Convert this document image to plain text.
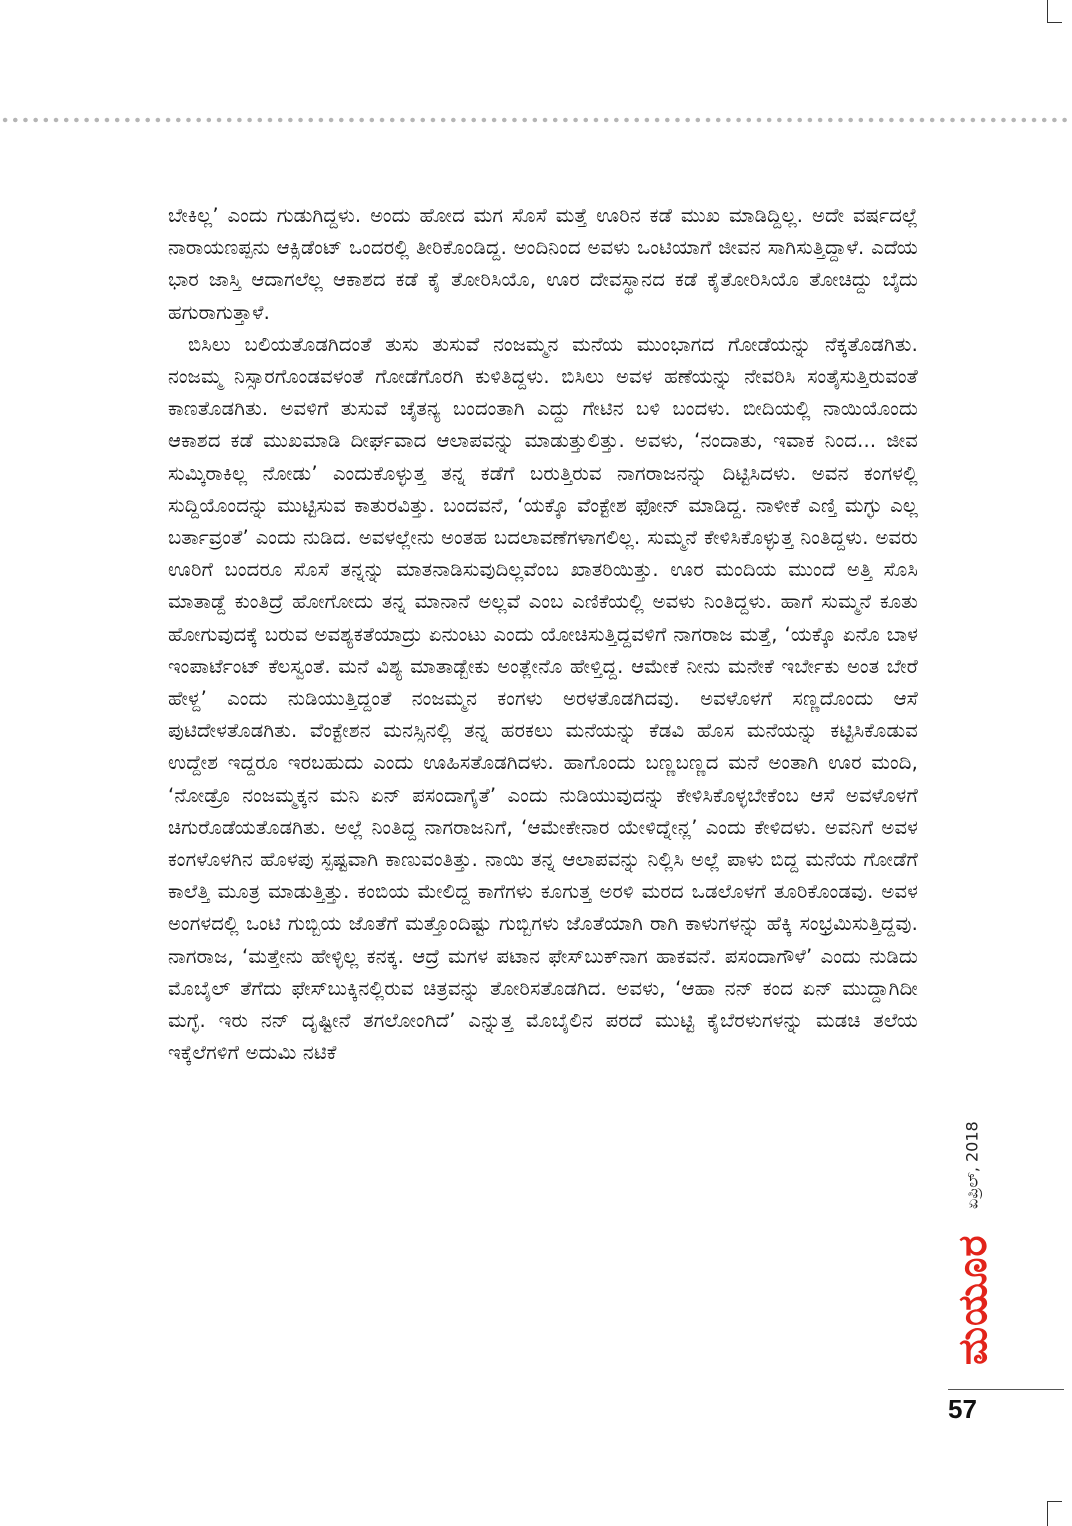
ಬೇಕಿಲ್ಲ’ ಎಂದು ಗುಡುಗಿದ್ದಳು. ಅಂದು ಹೋದ ಮಗ ಸೊಸೆ ಮತ್ತೆ ಊರಿನ ಕಡೆ ಮುಖ ಮಾಡಿದ್ದಿಲ್ಲ. ಅದೇ ವರ್ಷದಲ್ಲೆ ನಾರಾಯಣಪ್ಪನು ಆಕ್ಸಿಡೆಂಟ್ ಒಂದರಲ್ಲಿ ತೀರಿಕೊಂಡಿದ್ದ. ಅಂದಿನಿಂದ ಅವಳು ಒಂಟಿಯಾಗೆ ಜೀವನ ಸಾಗಿಸುತ್ತಿದ್ದಾಳೆ. ಎದೆಯ ಭಾರ ಜಾಸ್ತಿ ಆದಾಗಲೆಲ್ಲ ಆಕಾಶದ ಕಡೆ ಕೈ ತೋರಿಸಿಯೊ, ಊರ ದೇವಸ್ಥಾನದ ಕಡೆ ಕೈತೋರಿಸಿಯೊ ತೋಚಿದ್ದು ಬೈದು ಹಗುರಾಗುತ್ತಾಳೆ.

ಬಿಸಿಲು ಬಲಿಯತೊಡಗಿದಂತೆ ತುಸು ತುಸುವೆ ನಂಜಮ್ಮನ ಮನೆಯ ಮುಂಭಾಗದ ಗೋಡೆಯನ್ನು ನೆಕ್ಕತೊಡಗಿತು. ನಂಜಮ್ಮ ನಿಸ್ಸಾರಗೊಂಡವಳಂತೆ ಗೋಡೆಗೊರಗಿ ಕುಳಿತಿದ್ದಳು. ಬಿಸಿಲು ಅವಳ ಹಣೆಯನ್ನು ನೇವರಿಸಿ ಸಂತೈಸುತ್ತಿರುವಂತೆ ಕಾಣತೊಡಗಿತು. ಅವಳಿಗೆ ತುಸುವೆ ಚೈತನ್ಯ ಬಂದಂತಾಗಿ ಎದ್ದು ಗೇಟಿನ ಬಳಿ ಬಂದಳು. ಬೀದಿಯಲ್ಲಿ ನಾಯಿಯೊಂದು ಆಕಾಶದ ಕಡೆ ಮುಖಮಾಡಿ ದೀರ್ಘವಾದ ಆಲಾಪವನ್ನು ಮಾಡುತ್ತುಲಿತ್ತು. ಅವಳು, ‘ನಂದಾತು, ಇವಾಕ ನಿಂದ... ಜೀವ ಸುಮ್ಕಿರಾಕಿಲ್ಲ ನೋಡು’ ಎಂದುಕೊಳ್ಳುತ್ತ ತನ್ನ ಕಡೆಗೆ ಬರುತ್ತಿರುವ ನಾಗರಾಜನನ್ನು ದಿಟ್ಟಿಸಿದಳು. ಅವನ ಕಂಗಳಲ್ಲಿ ಸುದ್ದಿಯೊಂದನ್ನು ಮುಟ್ಟಿಸುವ ಕಾತುರವಿತ್ತು. ಬಂದವನೆ, ‘ಯಕ್ಕೊ ವೆಂಕ್ಟೇಶ ಫೋನ್ ಮಾಡಿದ್ದ. ನಾಳೀಕೆ ಎಣ್ತಿ ಮಗ್ಳು ಎಲ್ಲ ಬರ್ತಾವ್ರಂತೆ’ ಎಂದು ನುಡಿದ. ಅವಳಲ್ಲೇನು ಅಂತಹ ಬದಲಾವಣೆಗಳಾಗಲಿಲ್ಲ. ಸುಮ್ಮನೆ ಕೇಳಿಸಿಕೊಳ್ಳುತ್ತ ನಿಂತಿದ್ದಳು. ಅವರು ಊರಿಗೆ ಬಂದರೂ ಸೊಸೆ ತನ್ನನ್ನು ಮಾತನಾಡಿಸುವುದಿಲ್ಲವೆಂಬ ಖಾತರಿಯಿತ್ತು. ಊರ ಮಂದಿಯ ಮುಂದೆ ಅತ್ತಿ ಸೊಸಿ ಮಾತಾಡ್ದೆ ಕುಂತಿದ್ರೆ ಹೋಗೋದು ತನ್ನ ಮಾನಾನೆ ಅಲ್ಲವೆ ಎಂಬ ಎಣಿಕೆಯಲ್ಲಿ ಅವಳು ನಿಂತಿದ್ದಳು. ಹಾಗೆ ಸುಮ್ಮನೆ ಕೂತು ಹೋಗುವುದಕ್ಕೆ ಬರುವ ಅವಶ್ಯಕತೆಯಾದ್ರು ಏನುಂಟು ಎಂದು ಯೋಚಿಸುತ್ತಿದ್ದವಳಿಗೆ ನಾಗರಾಜ ಮತ್ತೆ, ‘ಯಕ್ಕೊ ಏನೊ ಬಾಳ ಇಂಪಾರ್ಟೆಂಟ್ ಕೆಲಸ್ವಂತೆ. ಮನೆ ವಿಶ್ಯ ಮಾತಾಡ್ಬೇಕು ಅಂತ್ಲೇನೊ ಹೇಳ್ತಿದ್ದ. ಆಮೇಕೆ ನೀನು ಮನೇಕೆ ಇರ್ಬೇಕು ಅಂತ ಬೇರೆ ಹೇಳ್ದ’ ಎಂದು ನುಡಿಯುತ್ತಿದ್ದಂತೆ ನಂಜಮ್ಮನ ಕಂಗಳು ಅರಳತೊಡಗಿದವು. ಅವಳೊಳಗೆ ಸಣ್ಣದೊಂದು ಆಸೆ ಪುಟಿದೇಳತೊಡಗಿತು. ವೆಂಕ್ಟೇಶನ ಮನಸ್ಸಿನಲ್ಲಿ ತನ್ನ ಹರಕಲು ಮನೆಯನ್ನು ಕೆಡವಿ ಹೊಸ ಮನೆಯನ್ನು ಕಟ್ಟಿಸಿಕೊಡುವ ಉದ್ದೇಶ ಇದ್ದರೂ ಇರಬಹುದು ಎಂದು ಊಹಿಸತೊಡಗಿದಳು. ಹಾಗೊಂದು ಬಣ್ಣಬಣ್ಣದ ಮನೆ ಅಂತಾಗಿ ಊರ ಮಂದಿ, ‘ನೋಡ್ರೊ ನಂಜಮ್ಮಕ್ಕನ ಮನಿ ಏನ್ ಪಸಂದಾಗೈತೆ’ ಎಂದು ನುಡಿಯುವುದನ್ನು ಕೇಳಿಸಿಕೊಳ್ಳಬೇಕೆಂಬ ಆಸೆ ಅವಳೊಳಗೆ ಚಿಗುರೊಡೆಯತೊಡಗಿತು. ಅಲ್ಲೆ ನಿಂತಿದ್ದ ನಾಗರಾಜನಿಗೆ, ‘ಆಮೇಕೇನಾರ ಯೇಳಿದ್ನೇನ್ಲ’ ಎಂದು ಕೇಳಿದಳು. ಅವನಿಗೆ ಅವಳ ಕಂಗಳೊಳಗಿನ ಹೊಳಪು ಸ್ಪಷ್ಟವಾಗಿ ಕಾಣುವಂತಿತ್ತು. ನಾಯಿ ತನ್ನ ಆಲಾಪವನ್ನು ನಿಲ್ಲಿಸಿ ಅಲ್ಲೆ ಪಾಳು ಬಿದ್ದ ಮನೆಯ ಗೋಡೆಗೆ ಕಾಲೆತ್ತಿ ಮೂತ್ರ ಮಾಡುತ್ತಿತ್ತು. ಕಂಬಿಯ ಮೇಲಿದ್ದ ಕಾಗೆಗಳು ಕೂಗುತ್ತ ಅರಳಿ ಮರದ ಒಡಲೊಳಗೆ ತೂರಿಕೊಂಡವು. ಅವಳ ಅಂಗಳದಲ್ಲಿ ಒಂಟಿ ಗುಬ್ಬಿಯ ಜೊತೆಗೆ ಮತ್ತೊಂದಿಷ್ಟು ಗುಬ್ಬಿಗಳು ಜೊತೆಯಾಗಿ ರಾಗಿ ಕಾಳುಗಳನ್ನು ಹೆಕ್ಕಿ ಸಂಭ್ರಮಿಸುತ್ತಿದ್ದವು. ನಾಗರಾಜ, ‘ಮತ್ತೇನು ಹೇಳ್ಳಿಲ್ಲ ಕನಕ್ಕ. ಆದ್ರೆ ಮಗಳ ಪಟಾನ ಫೇಸ್‌ಬುಕ್‌ನಾಗ ಹಾಕವನೆ. ಪಸಂದಾಗೌಳೆ’ ಎಂದು ನುಡಿದು ಮೊಬೈಲ್ ತೆಗೆದು ಫೇಸ್‌ಬುಕ್ಕಿನಲ್ಲಿರುವ ಚಿತ್ರವನ್ನು ತೋರಿಸತೊಡಗಿದ. ಅವಳು, ‘ಆಹಾ ನನ್ ಕಂದ ಏನ್ ಮುದ್ದಾಗಿದೀ ಮಗ್ಳೆ. ಇರು ನನ್ ದೃಷ್ಟೀನೆ ತಗಲೋಂಗಿದೆ’ ಎನ್ನುತ್ತ ಮೊಬೈಲಿನ ಪರದೆ ಮುಟ್ಟಿ ಕೈಬೆರಳುಗಳನ್ನು ಮಡಚಿ ತಲೆಯ ಇಕ್ಕೆಲೆಗಳಿಗೆ ಅದುಮಿ ನಟಿಕೆ

ಏಪ್ರಿಲ್, 2018
ಮಯೂರ
57
